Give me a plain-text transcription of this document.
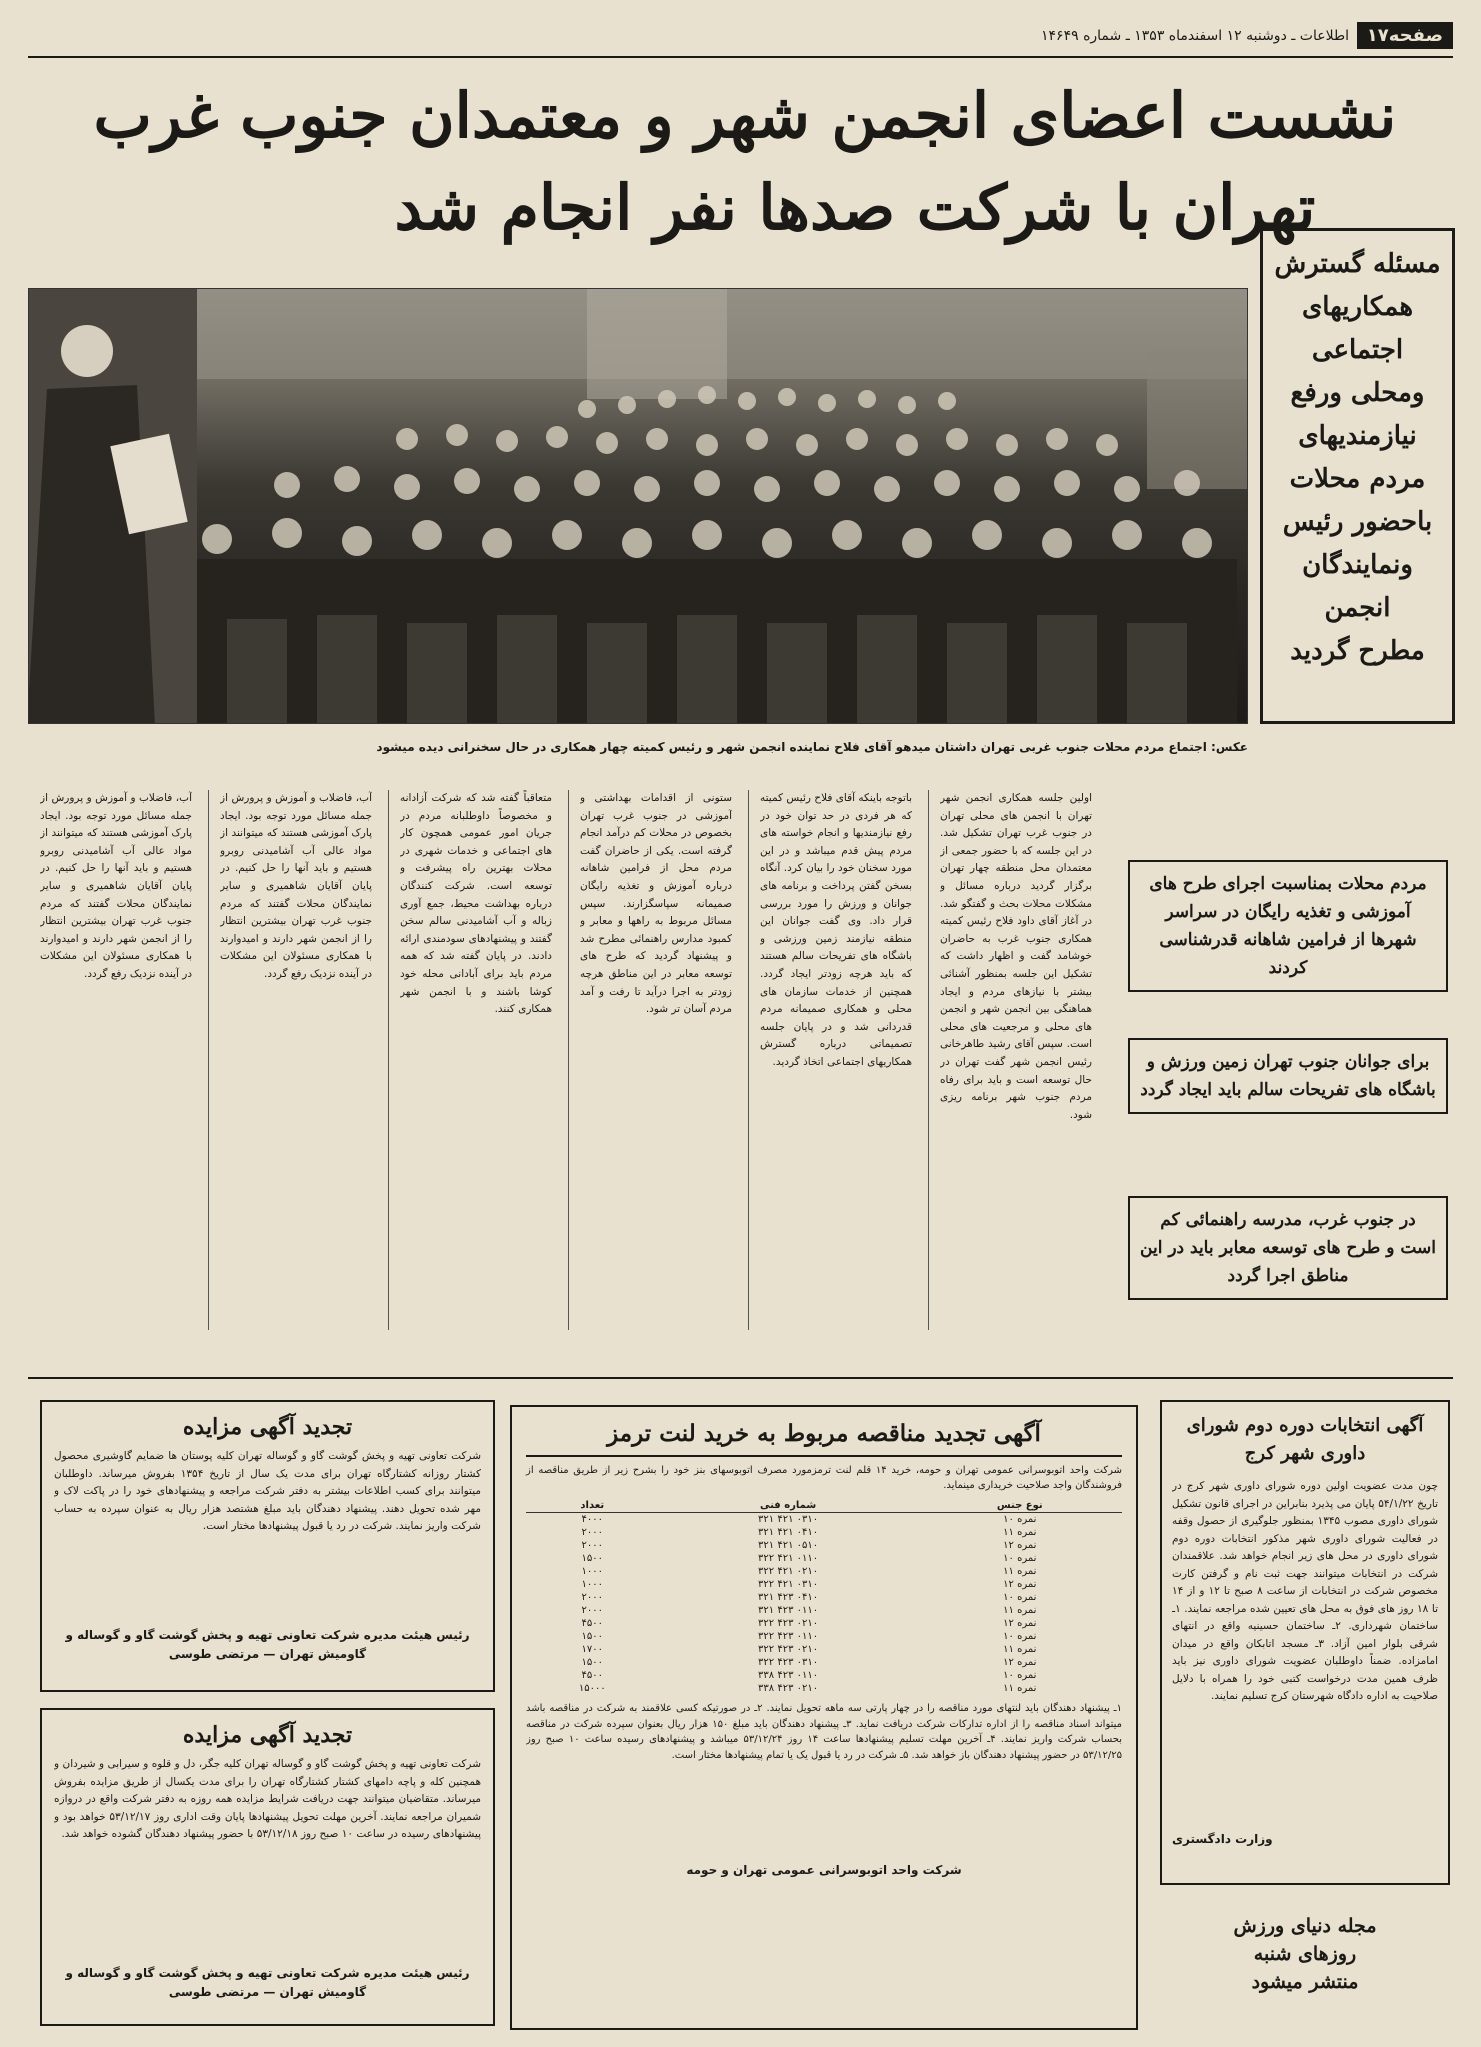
صفحه۱۷
اطلاعات ـ دوشنبه ۱۲ اسفندماه ۱۳۵۳ ـ شماره ۱۴۶۴۹
نشست اعضای انجمن شهر و معتمدان جنوب غرب
تهران با شرکت صدها نفر انجام شد
مسئله گسترش
همکاریهای
اجتماعی
ومحلی ورفع
نیازمندیهای
مردم محلات
باحضور رئیس
ونمایندگان
انجمن
مطرح گردید
عکس: اجتماع مردم محلات جنوب غربی تهران داشتان میدهو آقای فلاح نماینده انجمن شهر و رئیس کمیته چهار همکاری در حال سخنرانی دیده میشود
اولین جلسه همکاری انجمن شهر تهران با انجمن های محلی تهران در جنوب غرب تهران تشکیل شد. در این جلسه که با حضور جمعی از معتمدان محل منطقه چهار تهران برگزار گردید درباره مسائل و مشکلات محلات بحث و گفتگو شد. در آغاز آقای داود فلاح رئیس کمیته همکاری جنوب غرب به حاضران خوشامد گفت و اظهار داشت که تشکیل این جلسه بمنظور آشنائی بیشتر با نیازهای مردم و ایجاد هماهنگی بین انجمن شهر و انجمن های محلی و مرجعیت های محلی است. سپس آقای رشید طاهرخانی رئیس انجمن شهر گفت تهران در حال توسعه است و باید برای رفاه مردم جنوب شهر برنامه ریزی شود.
باتوجه باینکه آقای فلاح رئیس کمیته که هر فردی در حد توان خود در رفع نیازمندیها و انجام خواسته های مردم پیش قدم میباشد و در این مورد سخنان خود را بیان کرد. آنگاه بسخن گفتن پرداخت و برنامه های جوانان و ورزش را مورد بررسی قرار داد. وی گفت جوانان این منطقه نیازمند زمین ورزشی و باشگاه های تفریحات سالم هستند که باید هرچه زودتر ایجاد گردد. همچنین از خدمات سازمان های محلی و همکاری صمیمانه مردم قدردانی شد و در پایان جلسه تصمیماتی درباره گسترش همکاریهای اجتماعی اتخاذ گردید.
ستونی از اقدامات بهداشتی و آموزشی در جنوب غرب تهران بخصوص در محلات کم درآمد انجام گرفته است. یکی از حاضران گفت مردم محل از فرامین شاهانه درباره آموزش و تغذیه رایگان صمیمانه سپاسگزارند. سپس مسائل مربوط به راهها و معابر و کمبود مدارس راهنمائی مطرح شد و پیشنهاد گردید که طرح های توسعه معابر در این مناطق هرچه زودتر به اجرا درآید تا رفت و آمد مردم آسان تر شود.
متعاقباً گفته شد که شرکت آزادانه و مخصوصاً داوطلبانه مردم در جریان امور عمومی همچون کار های اجتماعی و خدمات شهری در محلات بهترین راه پیشرفت و توسعه است. شرکت کنندگان درباره بهداشت محیط، جمع آوری زباله و آب آشامیدنی سالم سخن گفتند و پیشنهادهای سودمندی ارائه دادند. در پایان گفته شد که همه مردم باید برای آبادانی محله خود کوشا باشند و با انجمن شهر همکاری کنند.
آب، فاضلاب و آموزش و پرورش از جمله مسائل مورد توجه بود. ایجاد پارک آموزشی هستند که میتوانند از مواد عالی آب آشامیدنی روبرو هستیم و باید آنها را حل کنیم. در پایان آقایان شاهمیری و سایر نمایندگان محلات گفتند که مردم جنوب غرب تهران بیشترین انتظار را از انجمن شهر دارند و امیدوارند با همکاری مسئولان این مشکلات در آینده نزدیک رفع گردد.
آب، فاضلاب و آموزش و پرورش از جمله مسائل مورد توجه بود. ایجاد پارک آموزشی هستند که میتوانند از مواد عالی آب آشامیدنی روبرو هستیم و باید آنها را حل کنیم. در پایان آقایان شاهمیری و سایر نمایندگان محلات گفتند که مردم جنوب غرب تهران بیشترین انتظار را از انجمن شهر دارند و امیدوارند با همکاری مسئولان این مشکلات در آینده نزدیک رفع گردد.
مردم محلات بمناسبت اجرای طرح های آموزشی و تغذیه رایگان در سراسر شهرها از فرامین شاهانه قدرشناسی کردند
برای جوانان جنوب تهران زمین ورزش و باشگاه های تفریحات سالم باید ایجاد گردد
در جنوب غرب، مدرسه راهنمائی کم است و طرح های توسعه معابر باید در این مناطق اجرا گردد
آگهی انتخابات دوره دوم شورای داوری شهر کرج
چون مدت عضویت اولین دوره شورای داوری شهر کرج در تاریخ ۵۴/۱/۲۲ پایان می پذیرد بنابراین در اجرای قانون تشکیل شورای داوری مصوب ۱۳۴۵ بمنظور جلوگیری از حصول وقفه در فعالیت شورای داوری شهر مذکور انتخابات دوره دوم شورای داوری در محل های زیر انجام خواهد شد. علاقمندان شرکت در انتخابات میتوانند جهت ثبت نام و گرفتن کارت مخصوص شرکت در انتخابات از ساعت ۸ صبح تا ۱۲ و از ۱۴ تا ۱۸ روز های فوق به محل های تعیین شده مراجعه نمایند. ۱ـ ساختمان شهرداری. ۲ـ ساختمان حسینیه واقع در انتهای شرقی بلوار امین آزاد. ۳ـ مسجد اتابکان واقع در میدان امامزاده. ضمناً داوطلبان عضویت شورای داوری نیز باید ظرف همین مدت درخواست کتبی خود را همراه با دلایل صلاحیت به اداره دادگاه شهرستان کرج تسلیم نمایند.
وزارت دادگستری
مجله دنیای ورزش
روزهای شنبه
منتشر میشود
آگهی تجدید مناقصه مربوط به خرید لنت ترمز
شرکت واحد اتوبوسرانی عمومی تهران و حومه، خرید ۱۴ قلم لنت ترمزمورد مصرف اتوبوسهای بنز خود را بشرح زیر از طریق مناقصه از فروشندگان واجد صلاحیت خریداری مینماید.
نوع جنس	شماره فنی	تعداد
نمره ۱۰	۰۳۱۰ ۴۲۱ ۳۲۱	۴۰۰۰
نمره ۱۱	۰۴۱۰ ۴۲۱ ۳۲۱	۲۰۰۰
نمره ۱۲	۰۵۱۰ ۴۲۱ ۳۲۱	۲۰۰۰
نمره ۱۰	۰۱۱۰ ۴۲۱ ۳۲۲	۱۵۰۰
نمره ۱۱	۰۲۱۰ ۴۲۱ ۳۲۲	۱۰۰۰
نمره ۱۲	۰۳۱۰ ۴۲۱ ۳۲۲	۱۰۰۰
نمره ۱۰	۰۴۱۰ ۴۲۳ ۳۲۱	۲۰۰۰
نمره ۱۱	۰۱۱۰ ۴۲۳ ۳۲۱	۲۰۰۰
نمره ۱۲	۰۲۱۰ ۴۲۳ ۳۲۲	۴۵۰۰
نمره ۱۰	۰۱۱۰ ۴۲۳ ۳۲۲	۱۵۰۰
نمره ۱۱	۰۲۱۰ ۴۲۳ ۳۲۲	۱۷۰۰
نمره ۱۲	۰۳۱۰ ۴۲۳ ۳۲۲	۱۵۰۰
نمره ۱۰	۰۱۱۰ ۴۲۳ ۳۳۸	۴۵۰۰
نمره ۱۱	۰۲۱۰ ۴۲۳ ۳۳۸	۱۵۰۰۰
۱ـ پیشنهاد دهندگان باید لنتهای مورد مناقصه را در چهار پارتی سه ماهه تحویل نمایند. ۲ـ در صورتیکه کسی علاقمند به شرکت در مناقصه باشد میتواند اسناد مناقصه را از اداره تدارکات شرکت دریافت نماید. ۳ـ پیشنهاد دهندگان باید مبلغ ۱۵۰ هزار ریال بعنوان سپرده شرکت در مناقصه بحساب شرکت واریز نمایند. ۴ـ آخرین مهلت تسلیم پیشنهادها ساعت ۱۴ روز ۵۳/۱۲/۲۴ میباشد و پیشنهادهای رسیده ساعت ۱۰ صبح روز ۵۳/۱۲/۲۵ در حضور پیشنهاد دهندگان باز خواهد شد. ۵ـ شرکت در رد یا قبول یک یا تمام پیشنهادها مختار است.
شرکت واحد اتوبوسرانی عمومی تهران و حومه
تجدید آگهی مزایده
شرکت تعاونی تهیه و پخش گوشت گاو و گوساله تهران کلیه پوستان ها ضمایم گاوشیری محصول کشتار روزانه کشتارگاه تهران برای مدت یک سال از تاریخ ۱۳۵۴ بفروش میرساند. داوطلبان میتوانند برای کسب اطلاعات بیشتر به دفتر شرکت مراجعه و پیشنهادهای خود را در پاکت لاک و مهر شده تحویل دهند. پیشنهاد دهندگان باید مبلغ هشتصد هزار ریال به عنوان سپرده به حساب شرکت واریز نمایند. شرکت در رد یا قبول پیشنهادها مختار است.
رئیس هیئت مدیره شرکت تعاونی تهیه و پخش گوشت گاو و گوساله و گاومیش تهران — مرتضی طوسی
تجدید آگهی مزایده
شرکت تعاونی تهیه و پخش گوشت گاو و گوساله تهران کلیه جگر، دل و قلوه و سیرابی و شیردان و همچنین کله و پاچه دامهای کشتار کشتارگاه تهران را برای مدت یکسال از طریق مزایده بفروش میرساند. متقاضیان میتوانند جهت دریافت شرایط مزایده همه روزه به دفتر شرکت واقع در دروازه شمیران مراجعه نمایند. آخرین مهلت تحویل پیشنهادها پایان وقت اداری روز ۵۳/۱۲/۱۷ خواهد بود و پیشنهادهای رسیده در ساعت ۱۰ صبح روز ۵۳/۱۲/۱۸ با حضور پیشنهاد دهندگان گشوده خواهد شد.
رئیس هیئت مدیره شرکت تعاونی تهیه و پخش گوشت گاو و گوساله و گاومیش تهران — مرتضی طوسی
